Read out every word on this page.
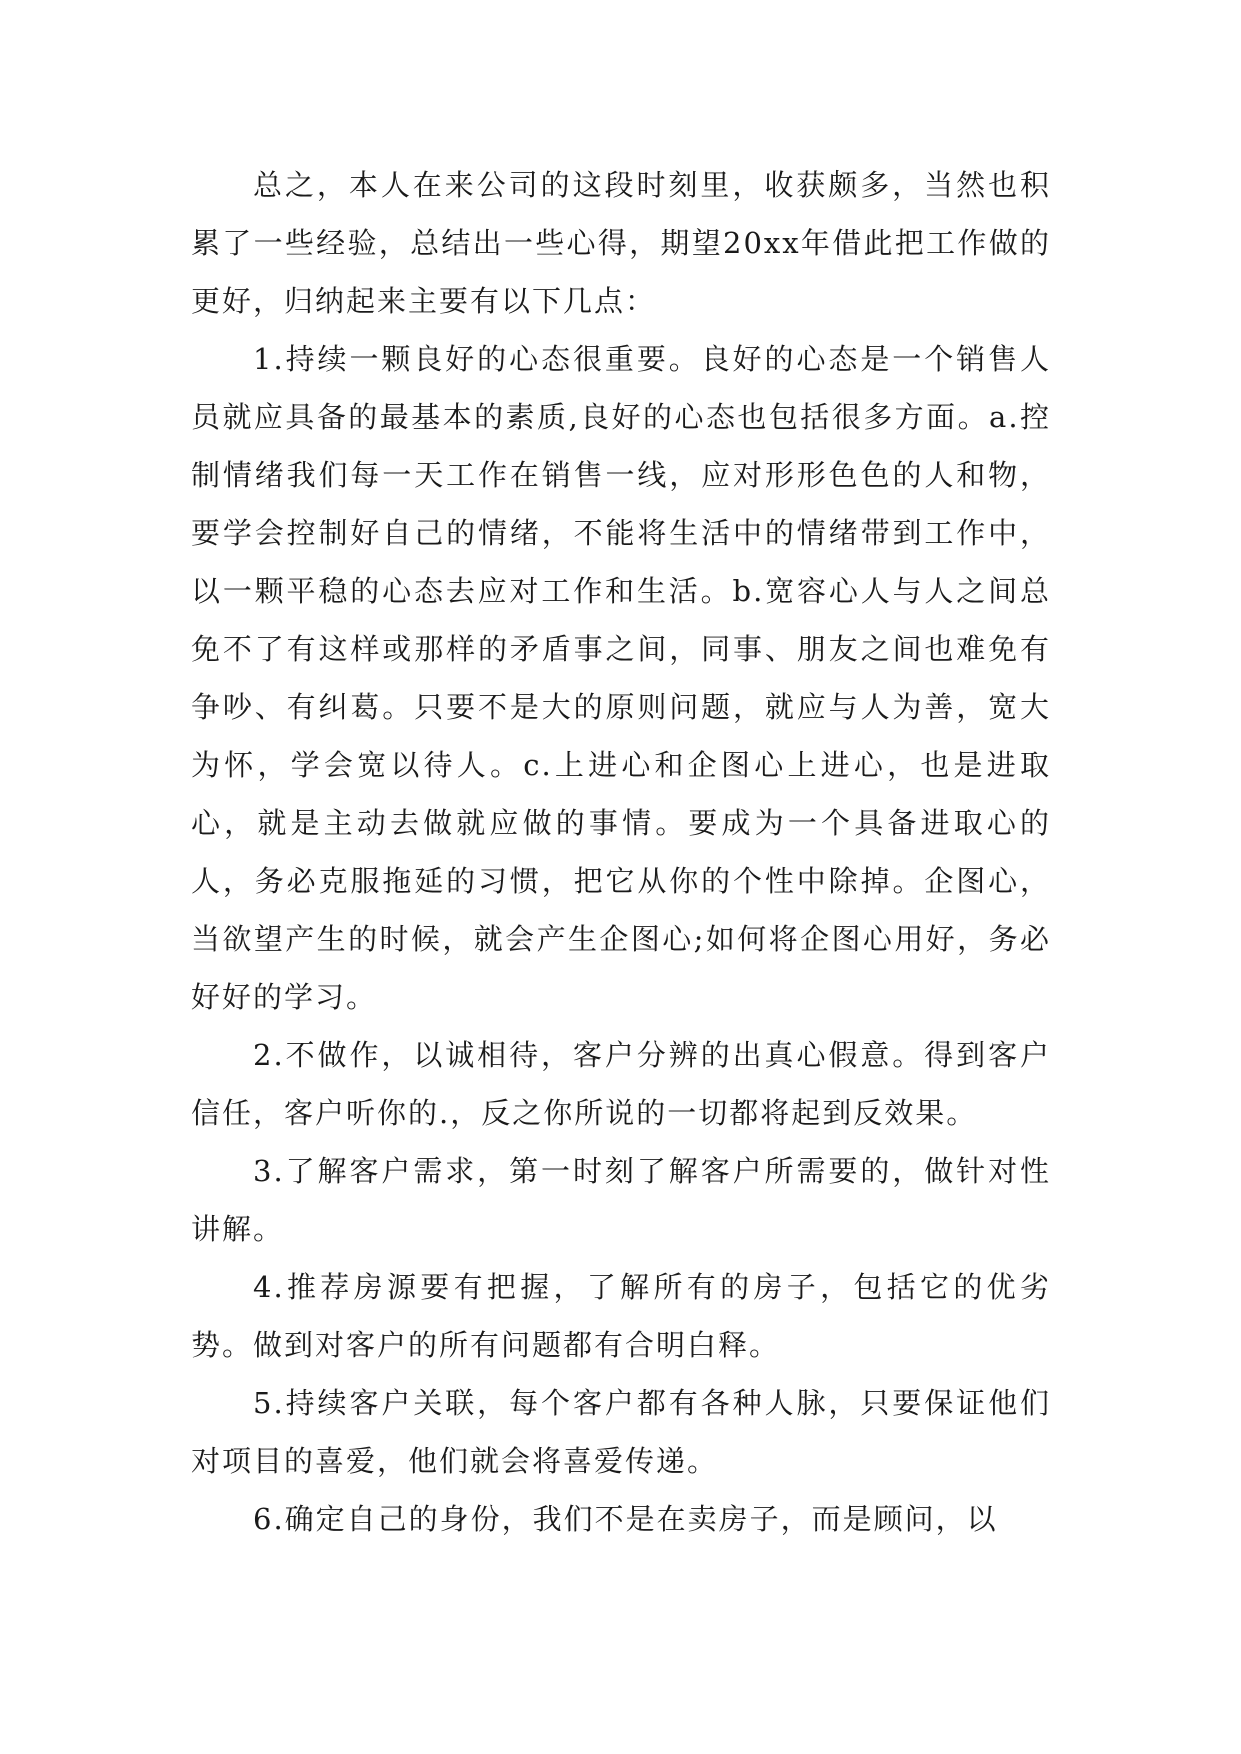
总之，本人在来公司的这段时刻里，收获颇多，当然也积累了一些经验，总结出一些心得，期望20xx年借此把工作做的更好，归纳起来主要有以下几点：

1.持续一颗良好的心态很重要。良好的心态是一个销售人员就应具备的最基本的素质,良好的心态也包括很多方面。a.控制情绪我们每一天工作在销售一线，应对形形色色的人和物，要学会控制好自己的情绪，不能将生活中的情绪带到工作中，以一颗平稳的心态去应对工作和生活。b.宽容心人与人之间总免不了有这样或那样的矛盾事之间，同事、朋友之间也难免有争吵、有纠葛。只要不是大的原则问题，就应与人为善，宽大为怀，学会宽以待人。c.上进心和企图心上进心，也是进取心，就是主动去做就应做的事情。要成为一个具备进取心的人，务必克服拖延的习惯，把它从你的个性中除掉。企图心，当欲望产生的时候，就会产生企图心;如何将企图心用好，务必好好的学习。

2.不做作，以诚相待，客户分辨的出真心假意。得到客户信任，客户听你的.，反之你所说的一切都将起到反效果。

3.了解客户需求，第一时刻了解客户所需要的，做针对性讲解。

4.推荐房源要有把握，了解所有的房子，包括它的优劣势。做到对客户的所有问题都有合明白释。

5.持续客户关联，每个客户都有各种人脉，只要保证他们对项目的喜爱，他们就会将喜爱传递。

6.确定自己的身份，我们不是在卖房子，而是顾问，以
